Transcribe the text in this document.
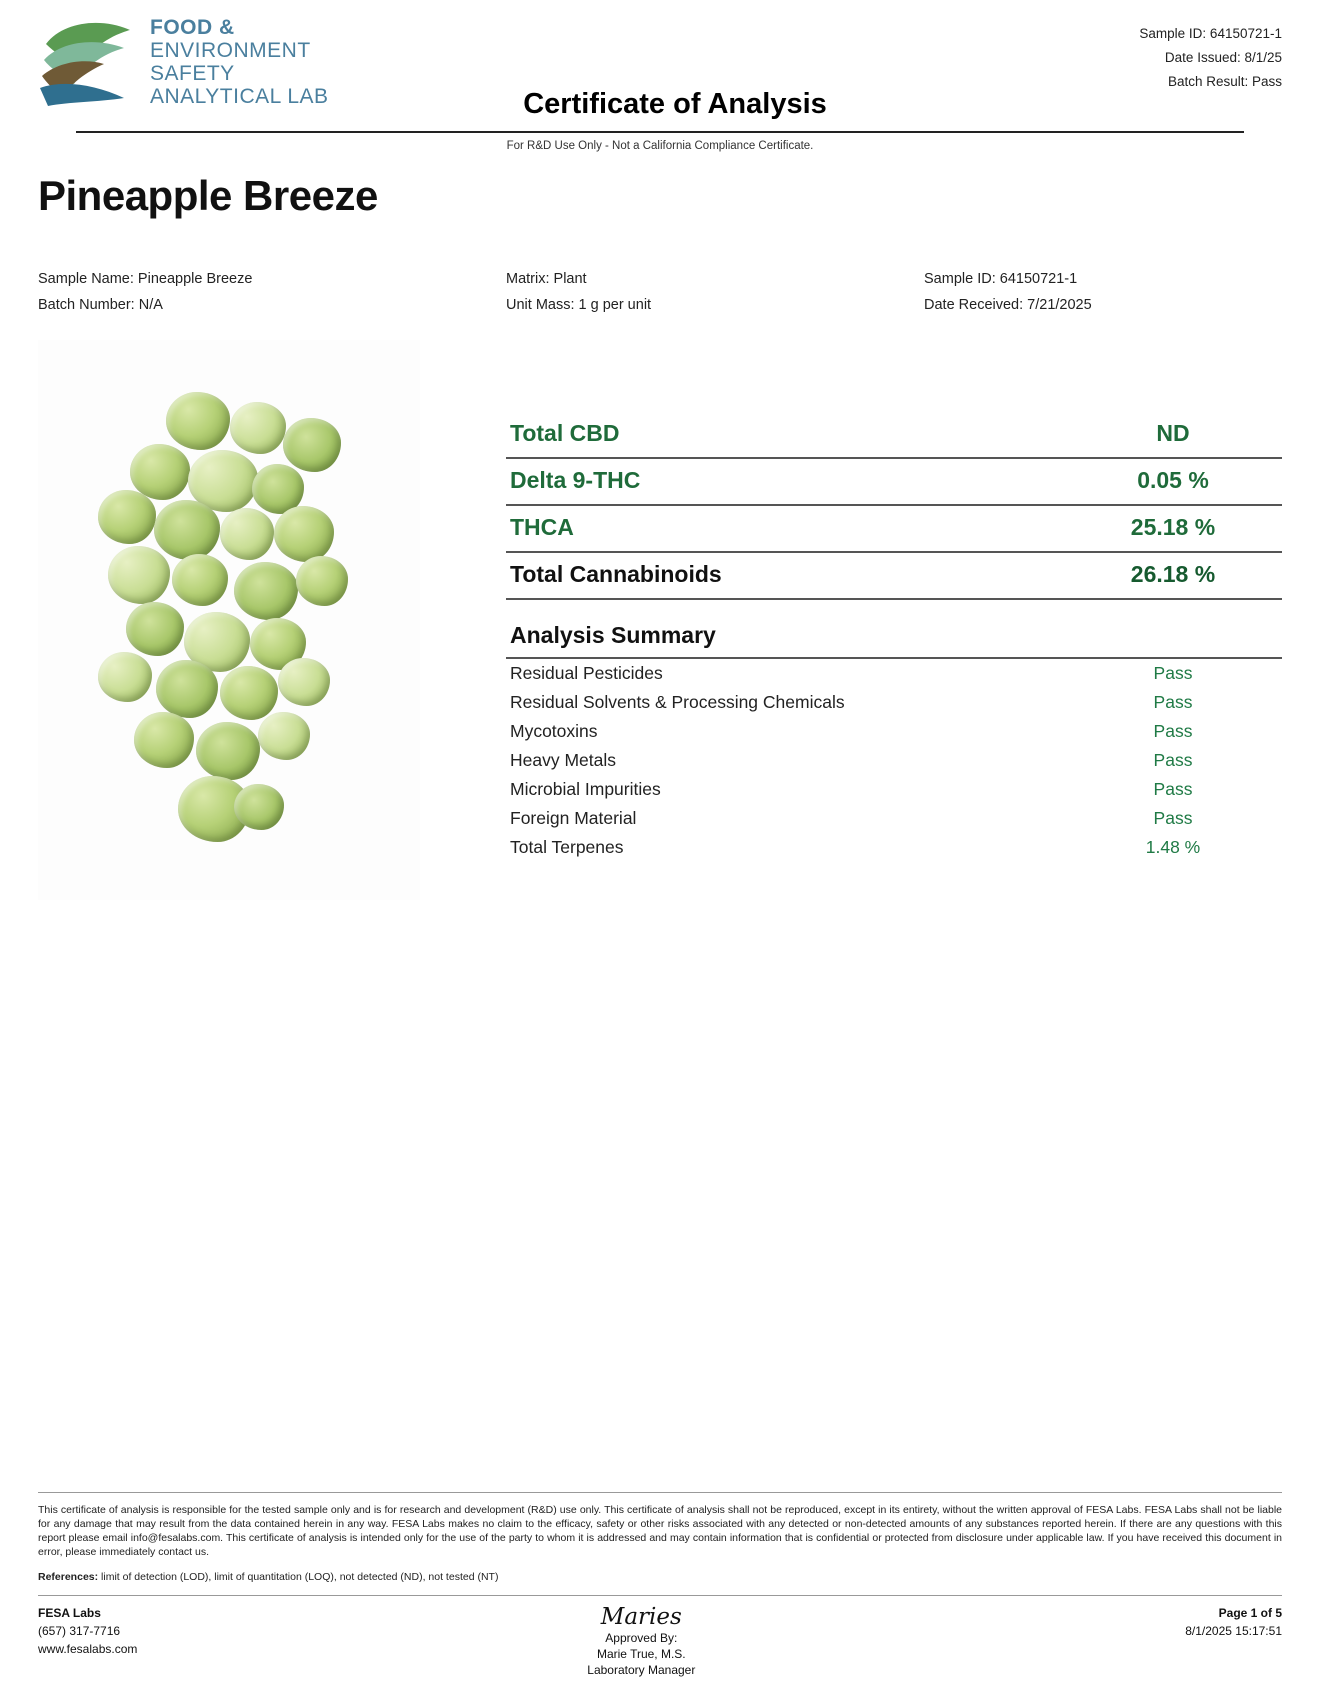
FOOD &
ENVIRONMENT
SAFETY
ANALYTICAL LAB	Certificate of Analysis
Sample ID: 64150721-1
Date Issued: 8/1/25
Batch Result: Pass
For R&D Use Only - Not a California Compliance Certificate.
Pineapple Breeze
Sample Name: Pineapple Breeze
Batch Number: N/A
Matrix: Plant
Unit Mass: 1 g per unit
Sample ID: 64150721-1
Date Received: 7/21/2025
Total CBD	ND
Delta 9-THC	0.05 %
THCA	25.18 %
Total Cannabinoids	26.18 %
Analysis Summary
Residual Pesticides	Pass
Residual Solvents & Processing Chemicals	Pass
Mycotoxins	Pass
Heavy Metals	Pass
Microbial Impurities	Pass
Foreign Material	Pass
Total Terpenes	1.48 %
This certificate of analysis is responsible for the tested sample only and is for research and development (R&D) use only. This certificate of analysis shall not be reproduced, except in its entirety, without the written approval of FESA Labs. FESA Labs shall not be liable for any damage that may result from the data contained herein in any way. FESA Labs makes no claim to the efficacy, safety or other risks associated with any detected or non-detected amounts of any substances reported herein. If there are any questions with this report please email info@fesalabs.com. This certificate of analysis is intended only for the use of the party to whom it is addressed and may contain information that is confidential or protected from disclosure under applicable law. If you have received this document in error, please immediately contact us.
References: limit of detection (LOD), limit of quantitation (LOQ), not detected (ND), not tested (NT)
FESA Labs
(657) 317-7716
www.fesalabs.com
Maries
Approved By:
Marie True, M.S.
Laboratory Manager
Page 1 of 5
8/1/2025 15:17:51
